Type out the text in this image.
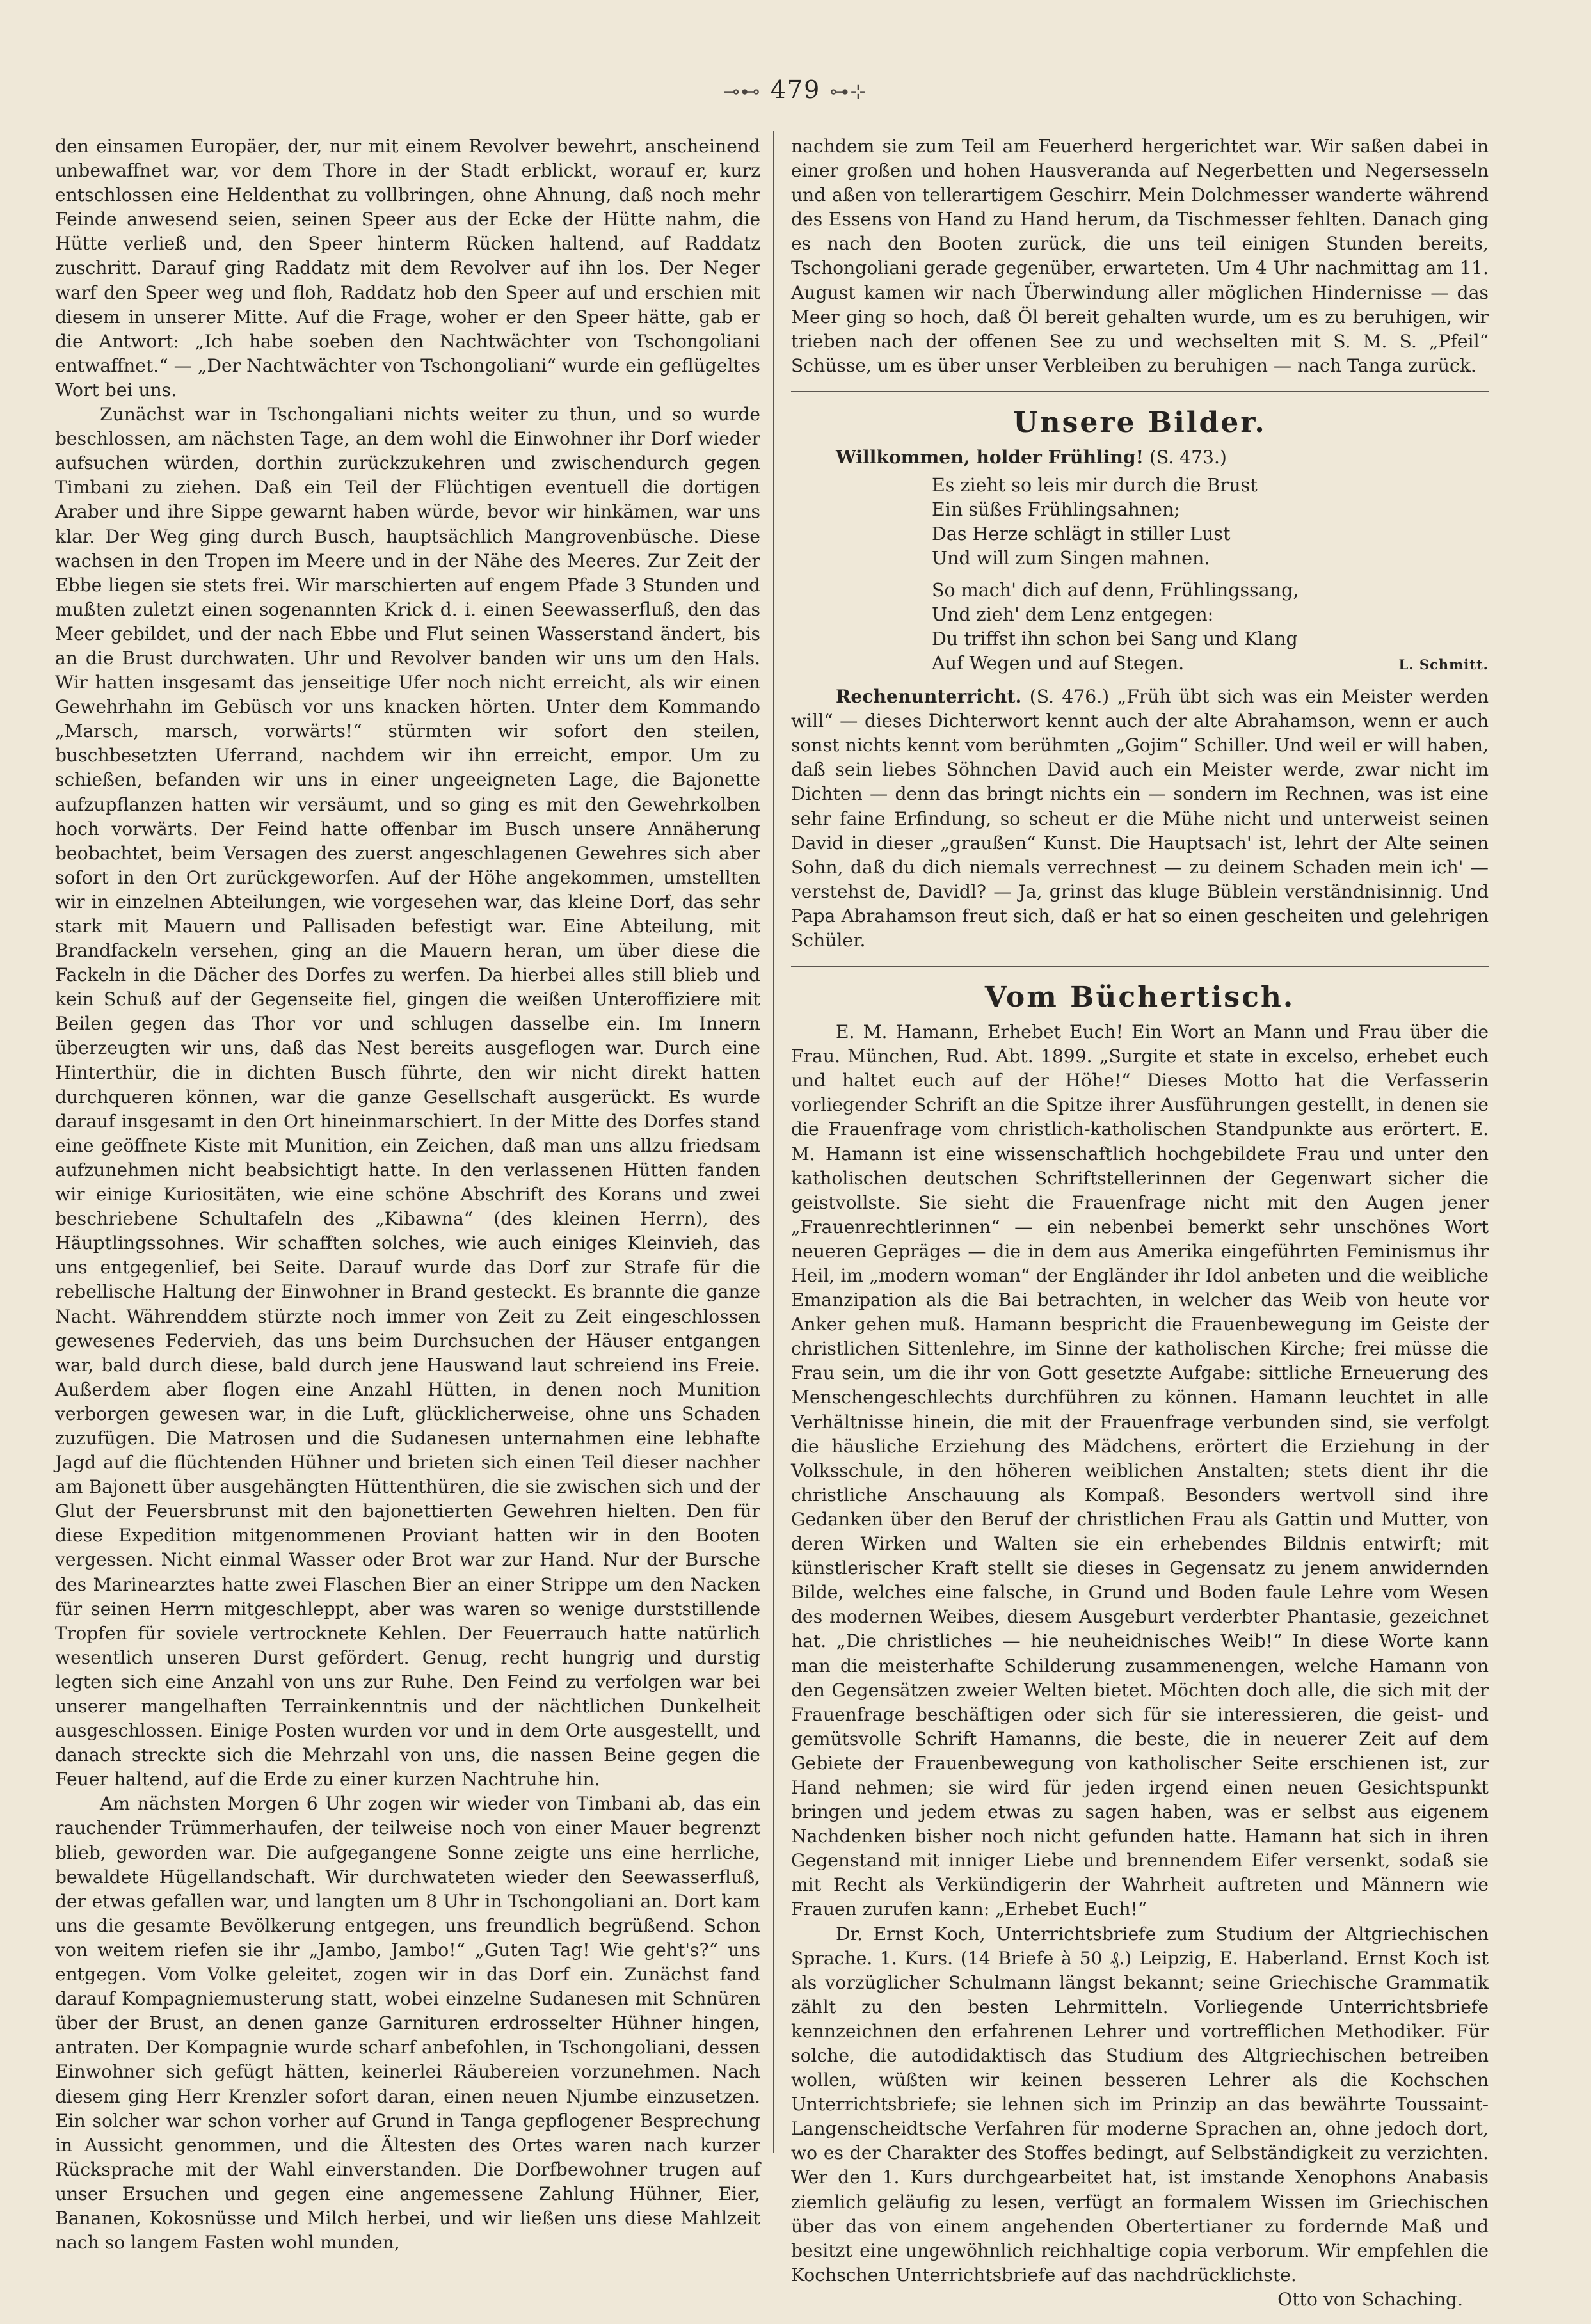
⊸⊷ 479 ⊶⊹

den einsamen Europäer, der, nur mit einem Revolver bewehrt, anscheinend unbewaffnet war, vor dem Thore in der Stadt erblickt, worauf er, kurz entschlossen eine Heldenthat zu vollbringen, ohne Ahnung, daß noch mehr Feinde anwesend seien, seinen Speer aus der Ecke der Hütte nahm, die Hütte verließ und, den Speer hinterm Rücken haltend, auf Raddatz zuschritt. Darauf ging Raddatz mit dem Revolver auf ihn los. Der Neger warf den Speer weg und floh, Raddatz hob den Speer auf und erschien mit diesem in unserer Mitte. Auf die Frage, woher er den Speer hätte, gab er die Antwort: „Ich habe soeben den Nachtwächter von Tschongoliani entwaffnet.“ — „Der Nachtwächter von Tschongoliani“ wurde ein geflügeltes Wort bei uns.

Zunächst war in Tschongaliani nichts weiter zu thun, und so wurde beschlossen, am nächsten Tage, an dem wohl die Einwohner ihr Dorf wieder aufsuchen würden, dorthin zurückzukehren und zwischendurch gegen Timbani zu ziehen. Daß ein Teil der Flüchtigen eventuell die dortigen Araber und ihre Sippe gewarnt haben würde, bevor wir hinkämen, war uns klar. Der Weg ging durch Busch, hauptsächlich Mangrovenbüsche. Diese wachsen in den Tropen im Meere und in der Nähe des Meeres. Zur Zeit der Ebbe liegen sie stets frei. Wir marschierten auf engem Pfade 3 Stunden und mußten zuletzt einen sogenannten Krick d. i. einen Seewasserfluß, den das Meer gebildet, und der nach Ebbe und Flut seinen Wasserstand ändert, bis an die Brust durchwaten. Uhr und Revolver banden wir uns um den Hals. Wir hatten insgesamt das jenseitige Ufer noch nicht erreicht, als wir einen Gewehrhahn im Gebüsch vor uns knacken hörten. Unter dem Kommando „Marsch, marsch, vorwärts!“ stürmten wir sofort den steilen, buschbesetzten Uferrand, nachdem wir ihn erreicht, empor. Um zu schießen, befanden wir uns in einer ungeeigneten Lage, die Bajonette aufzupflanzen hatten wir versäumt, und so ging es mit den Gewehrkolben hoch vorwärts. Der Feind hatte offenbar im Busch unsere Annäherung beobachtet, beim Versagen des zuerst angeschlagenen Gewehres sich aber sofort in den Ort zurückgeworfen. Auf der Höhe angekommen, umstellten wir in einzelnen Abteilungen, wie vorgesehen war, das kleine Dorf, das sehr stark mit Mauern und Pallisaden befestigt war. Eine Abteilung, mit Brandfackeln versehen, ging an die Mauern heran, um über diese die Fackeln in die Dächer des Dorfes zu werfen. Da hierbei alles still blieb und kein Schuß auf der Gegenseite fiel, gingen die weißen Unteroffiziere mit Beilen gegen das Thor vor und schlugen dasselbe ein. Im Innern überzeugten wir uns, daß das Nest bereits ausgeflogen war. Durch eine Hinterthür, die in dichten Busch führte, den wir nicht direkt hatten durchqueren können, war die ganze Gesellschaft ausgerückt. Es wurde darauf insgesamt in den Ort hineinmarschiert. In der Mitte des Dorfes stand eine geöffnete Kiste mit Munition, ein Zeichen, daß man uns allzu friedsam aufzunehmen nicht beabsichtigt hatte. In den verlassenen Hütten fanden wir einige Kuriositäten, wie eine schöne Abschrift des Korans und zwei beschriebene Schultafeln des „Kibawna“ (des kleinen Herrn), des Häuptlingssohnes. Wir schafften solches, wie auch einiges Kleinvieh, das uns entgegenlief, bei Seite. Darauf wurde das Dorf zur Strafe für die rebellische Haltung der Einwohner in Brand gesteckt. Es brannte die ganze Nacht. Währenddem stürzte noch immer von Zeit zu Zeit eingeschlossen gewesenes Federvieh, das uns beim Durchsuchen der Häuser entgangen war, bald durch diese, bald durch jene Hauswand laut schreiend ins Freie. Außerdem aber flogen eine Anzahl Hütten, in denen noch Munition verborgen gewesen war, in die Luft, glücklicherweise, ohne uns Schaden zuzufügen. Die Matrosen und die Sudanesen unternahmen eine lebhafte Jagd auf die flüchtenden Hühner und brieten sich einen Teil dieser nachher am Bajonett über ausgehängten Hüttenthüren, die sie zwischen sich und der Glut der Feuersbrunst mit den bajonettierten Gewehren hielten. Den für diese Expedition mitgenommenen Proviant hatten wir in den Booten vergessen. Nicht einmal Wasser oder Brot war zur Hand. Nur der Bursche des Marinearztes hatte zwei Flaschen Bier an einer Strippe um den Nacken für seinen Herrn mitgeschleppt, aber was waren so wenige durststillende Tropfen für soviele vertrocknete Kehlen. Der Feuerrauch hatte natürlich wesentlich unseren Durst gefördert. Genug, recht hungrig und durstig legten sich eine Anzahl von uns zur Ruhe. Den Feind zu verfolgen war bei unserer mangelhaften Terrainkenntnis und der nächtlichen Dunkelheit ausgeschlossen. Einige Posten wurden vor und in dem Orte ausgestellt, und danach streckte sich die Mehrzahl von uns, die nassen Beine gegen die Feuer haltend, auf die Erde zu einer kurzen Nachtruhe hin.

Am nächsten Morgen 6 Uhr zogen wir wieder von Timbani ab, das ein rauchender Trümmerhaufen, der teilweise noch von einer Mauer begrenzt blieb, geworden war. Die aufgegangene Sonne zeigte uns eine herrliche, bewaldete Hügellandschaft. Wir durchwateten wieder den Seewasserfluß, der etwas gefallen war, und langten um 8 Uhr in Tschongoliani an. Dort kam uns die gesamte Bevölkerung entgegen, uns freundlich begrüßend. Schon von weitem riefen sie ihr „Jambo, Jambo!“ „Guten Tag! Wie geht's?“ uns entgegen. Vom Volke geleitet, zogen wir in das Dorf ein. Zunächst fand darauf Kompagniemusterung statt, wobei einzelne Sudanesen mit Schnüren über der Brust, an denen ganze Garnituren erdrosselter Hühner hingen, antraten. Der Kompagnie wurde scharf anbefohlen, in Tschongoliani, dessen Einwohner sich gefügt hätten, keinerlei Räubereien vorzunehmen. Nach diesem ging Herr Krenzler sofort daran, einen neuen Njumbe einzusetzen. Ein solcher war schon vorher auf Grund in Tanga gepflogener Besprechung in Aussicht genommen, und die Ältesten des Ortes waren nach kurzer Rücksprache mit der Wahl einverstanden. Die Dorfbewohner trugen auf unser Ersuchen und gegen eine angemessene Zahlung Hühner, Eier, Bananen, Kokosnüsse und Milch herbei, und wir ließen uns diese Mahlzeit nach so langem Fasten wohl munden,

nachdem sie zum Teil am Feuerherd hergerichtet war. Wir saßen dabei in einer großen und hohen Hausveranda auf Negerbetten und Negersesseln und aßen von tellerartigem Geschirr. Mein Dolchmesser wanderte während des Essens von Hand zu Hand herum, da Tischmesser fehlten. Danach ging es nach den Booten zurück, die uns teil einigen Stunden bereits, Tschongoliani gerade gegenüber, erwarteten. Um 4 Uhr nachmittag am 11. August kamen wir nach Überwindung aller möglichen Hindernisse — das Meer ging so hoch, daß Öl bereit gehalten wurde, um es zu beruhigen, wir trieben nach der offenen See zu und wechselten mit S. M. S. „Pfeil“ Schüsse, um es über unser Verbleiben zu beruhigen — nach Tanga zurück.

Unsere Bilder.

Willkommen, holder Frühling! (S. 473.)

Es zieht so leis mir durch die Brust
Ein süßes Frühlingsahnen;
Das Herze schlägt in stiller Lust
Und will zum Singen mahnen.
So mach' dich auf denn, Frühlingssang,
Und zieh' dem Lenz entgegen:
Du triffst ihn schon bei Sang und Klang
Auf Wegen und auf Stegen.	L. Schmitt.

Rechenunterricht. (S. 476.) „Früh übt sich was ein Meister werden will“ — dieses Dichterwort kennt auch der alte Abrahamson, wenn er auch sonst nichts kennt vom berühmten „Gojim“ Schiller. Und weil er will haben, daß sein liebes Söhnchen David auch ein Meister werde, zwar nicht im Dichten — denn das bringt nichts ein — sondern im Rechnen, was ist eine sehr faine Erfindung, so scheut er die Mühe nicht und unterweist seinen David in dieser „graußen“ Kunst. Die Hauptsach' ist, lehrt der Alte seinen Sohn, daß du dich niemals verrechnest — zu deinem Schaden mein ich' — verstehst de, Davidl? — Ja, grinst das kluge Büblein verständnisinnig. Und Papa Abrahamson freut sich, daß er hat so einen gescheiten und gelehrigen Schüler.

Vom Büchertisch.

E. M. Hamann, Erhebet Euch! Ein Wort an Mann und Frau über die Frau. München, Rud. Abt. 1899. „Surgite et state in excelso, erhebet euch und haltet euch auf der Höhe!“ Dieses Motto hat die Verfasserin vorliegender Schrift an die Spitze ihrer Ausführungen gestellt, in denen sie die Frauenfrage vom christlich-katholischen Standpunkte aus erörtert. E. M. Hamann ist eine wissenschaftlich hochgebildete Frau und unter den katholischen deutschen Schriftstellerinnen der Gegenwart sicher die geistvollste. Sie sieht die Frauenfrage nicht mit den Augen jener „Frauenrechtlerinnen“ — ein nebenbei bemerkt sehr unschönes Wort neueren Gepräges — die in dem aus Amerika eingeführten Feminismus ihr Heil, im „modern woman“ der Engländer ihr Idol anbeten und die weibliche Emanzipation als die Bai betrachten, in welcher das Weib von heute vor Anker gehen muß. Hamann bespricht die Frauenbewegung im Geiste der christlichen Sittenlehre, im Sinne der katholischen Kirche; frei müsse die Frau sein, um die ihr von Gott gesetzte Aufgabe: sittliche Erneuerung des Menschengeschlechts durchführen zu können. Hamann leuchtet in alle Verhältnisse hinein, die mit der Frauenfrage verbunden sind, sie verfolgt die häusliche Erziehung des Mädchens, erörtert die Erziehung in der Volksschule, in den höheren weiblichen Anstalten; stets dient ihr die christliche Anschauung als Kompaß. Besonders wertvoll sind ihre Gedanken über den Beruf der christlichen Frau als Gattin und Mutter, von deren Wirken und Walten sie ein erhebendes Bildnis entwirft; mit künstlerischer Kraft stellt sie dieses in Gegensatz zu jenem anwidernden Bilde, welches eine falsche, in Grund und Boden faule Lehre vom Wesen des modernen Weibes, diesem Ausgeburt verderbter Phantasie, gezeichnet hat. „Die christliches — hie neuheidnisches Weib!“ In diese Worte kann man die meisterhafte Schilderung zusammenengen, welche Hamann von den Gegensätzen zweier Welten bietet. Möchten doch alle, die sich mit der Frauenfrage beschäftigen oder sich für sie interessieren, die geist- und gemütsvolle Schrift Hamanns, die beste, die in neuerer Zeit auf dem Gebiete der Frauenbewegung von katholischer Seite erschienen ist, zur Hand nehmen; sie wird für jeden irgend einen neuen Gesichtspunkt bringen und jedem etwas zu sagen haben, was er selbst aus eigenem Nachdenken bisher noch nicht gefunden hatte. Hamann hat sich in ihren Gegenstand mit inniger Liebe und brennendem Eifer versenkt, sodaß sie mit Recht als Verkündigerin der Wahrheit auftreten und Männern wie Frauen zurufen kann: „Erhebet Euch!“

Dr. Ernst Koch, Unterrichtsbriefe zum Studium der Altgriechischen Sprache. 1. Kurs. (14 Briefe à 50 ₰.) Leipzig, E. Haberland. Ernst Koch ist als vorzüglicher Schulmann längst bekannt; seine Griechische Grammatik zählt zu den besten Lehrmitteln. Vorliegende Unterrichtsbriefe kennzeichnen den erfahrenen Lehrer und vortrefflichen Methodiker. Für solche, die autodidaktisch das Studium des Altgriechischen betreiben wollen, wüßten wir keinen besseren Lehrer als die Kochschen Unterrichtsbriefe; sie lehnen sich im Prinzip an das bewährte Toussaint-Langenscheidtsche Verfahren für moderne Sprachen an, ohne jedoch dort, wo es der Charakter des Stoffes bedingt, auf Selbständigkeit zu verzichten. Wer den 1. Kurs durchgearbeitet hat, ist imstande Xenophons Anabasis ziemlich geläufig zu lesen, verfügt an formalem Wissen im Griechischen über das von einem angehenden Obertertianer zu fordernde Maß und besitzt eine ungewöhnlich reichhaltige copia verborum. Wir empfehlen die Kochschen Unterrichtsbriefe auf das nachdrücklichste.

Otto von Schaching.
